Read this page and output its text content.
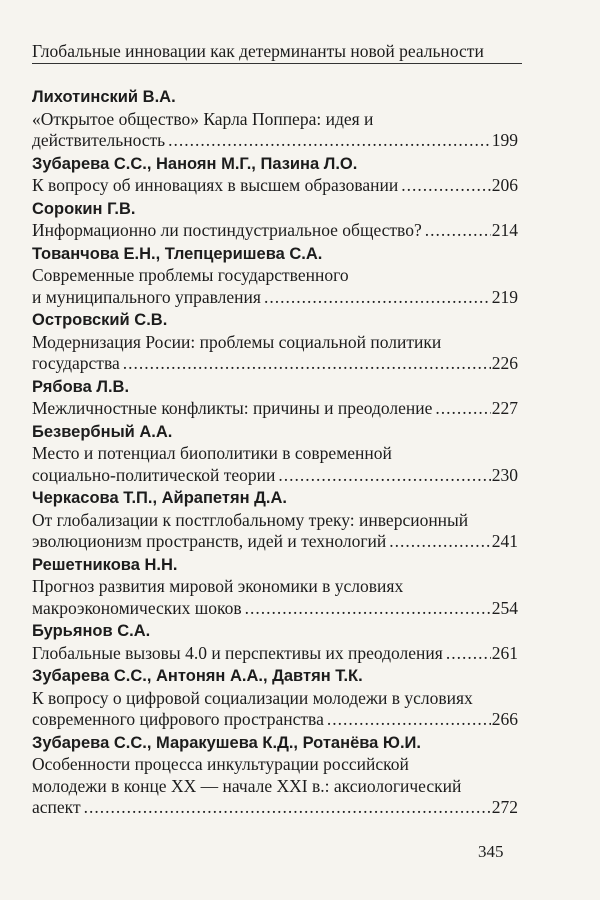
Глобальные инновации как детерминанты новой реальности
Лихотинский В.А.
«Открытое общество» Карла Поппера: идея и
действительность .....	199
Зубарева С.С., Наноян М.Г., Пазина Л.О.
К вопросу об инновациях в высшем образовании .....	206
Сорокин Г.В.
Информационно ли постиндустриальное общество? .....	214
Тованчова Е.Н., Тлепцеришева С.А.
Современные проблемы государственного
и муниципального управления .....	219
Островский С.В.
Модернизация Росии: проблемы социальной политики
государства .....	226
Рябова Л.В.
Межличностные конфликты: причины и преодоление .....	227
Безвербный А.А.
Место и потенциал биополитики в современной
социально-политической теории .....	230
Черкасова Т.П., Айрапетян Д.А.
От глобализации к постглобальному треку: инверсионный
эволюционизм пространств, идей и технологий .....	241
Решетникова Н.Н.
Прогноз развития мировой экономики в условиях
макроэкономических шоков .....	254
Бурьянов С.А.
Глобальные вызовы 4.0 и перспективы их преодоления .....	261
Зубарева С.С., Антонян А.А., Давтян Т.К.
К вопросу о цифровой социализации молодежи в условиях
современного цифрового пространства .....	266
Зубарева С.С., Маракушева К.Д., Ротанёва Ю.И.
Особенности процесса инкультурации российской
молодежи в конце XX — начале XXI в.: аксиологический
аспект .....	272
345
